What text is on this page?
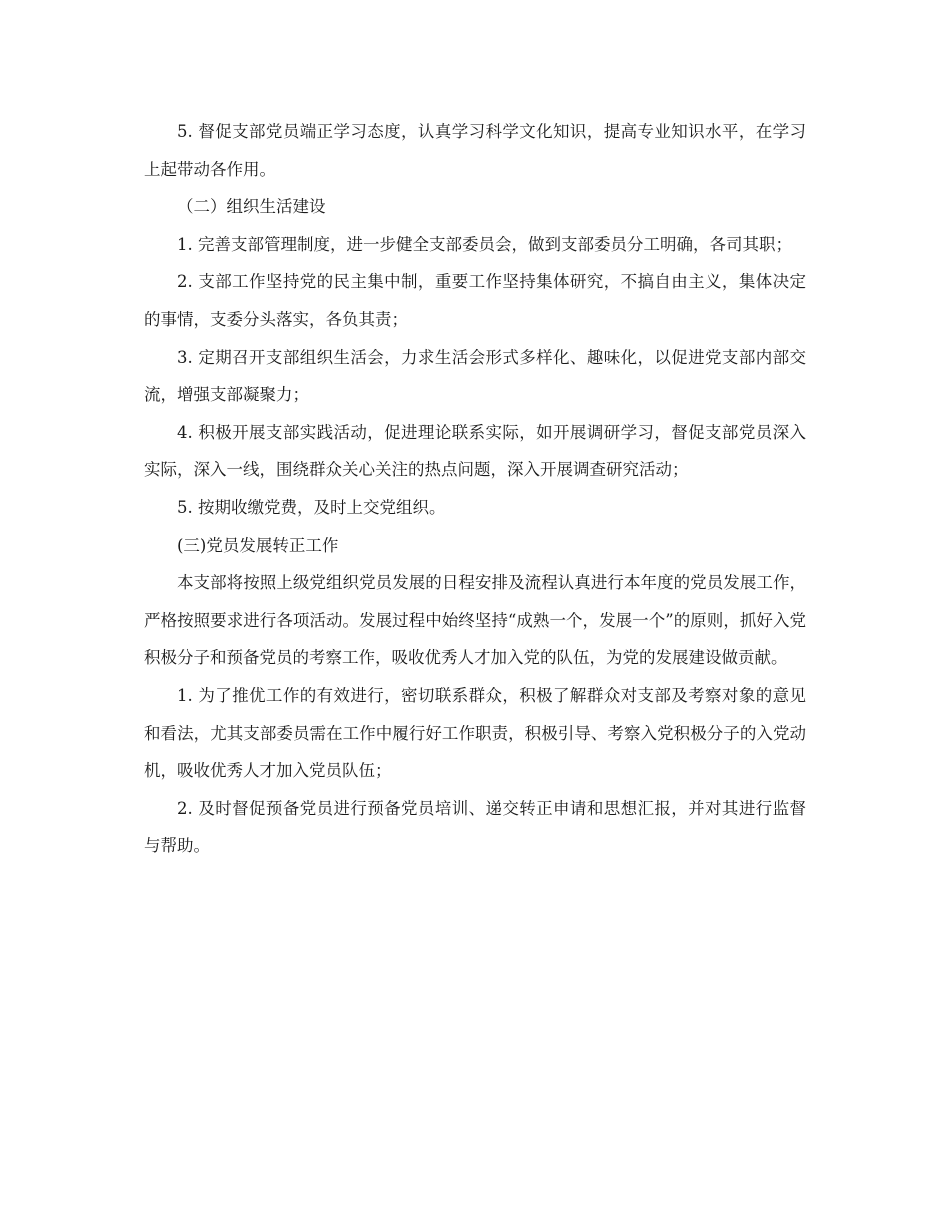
5. 督促支部党员端正学习态度，认真学习科学文化知识，提高专业知识水平，在学习上起带动各作用。

（二）组织生活建设

1. 完善支部管理制度，进一步健全支部委员会，做到支部委员分工明确，各司其职；

2. 支部工作坚持党的民主集中制，重要工作坚持集体研究，不搞自由主义，集体决定的事情，支委分头落实，各负其责；

3. 定期召开支部组织生活会，力求生活会形式多样化、趣味化，以促进党支部内部交流，增强支部凝聚力；

4. 积极开展支部实践活动，促进理论联系实际，如开展调研学习，督促支部党员深入实际，深入一线，围绕群众关心关注的热点问题，深入开展调查研究活动；

5. 按期收缴党费，及时上交党组织。

(三)党员发展转正工作

本支部将按照上级党组织党员发展的日程安排及流程认真进行本年度的党员发展工作，严格按照要求进行各项活动。发展过程中始终坚持“成熟一个，发展一个”的原则，抓好入党积极分子和预备党员的考察工作，吸收优秀人才加入党的队伍，为党的发展建设做贡献。

1. 为了推优工作的有效进行，密切联系群众，积极了解群众对支部及考察对象的意见和看法，尤其支部委员需在工作中履行好工作职责，积极引导、考察入党积极分子的入党动机，吸收优秀人才加入党员队伍；

2. 及时督促预备党员进行预备党员培训、递交转正申请和思想汇报，并对其进行监督与帮助。
